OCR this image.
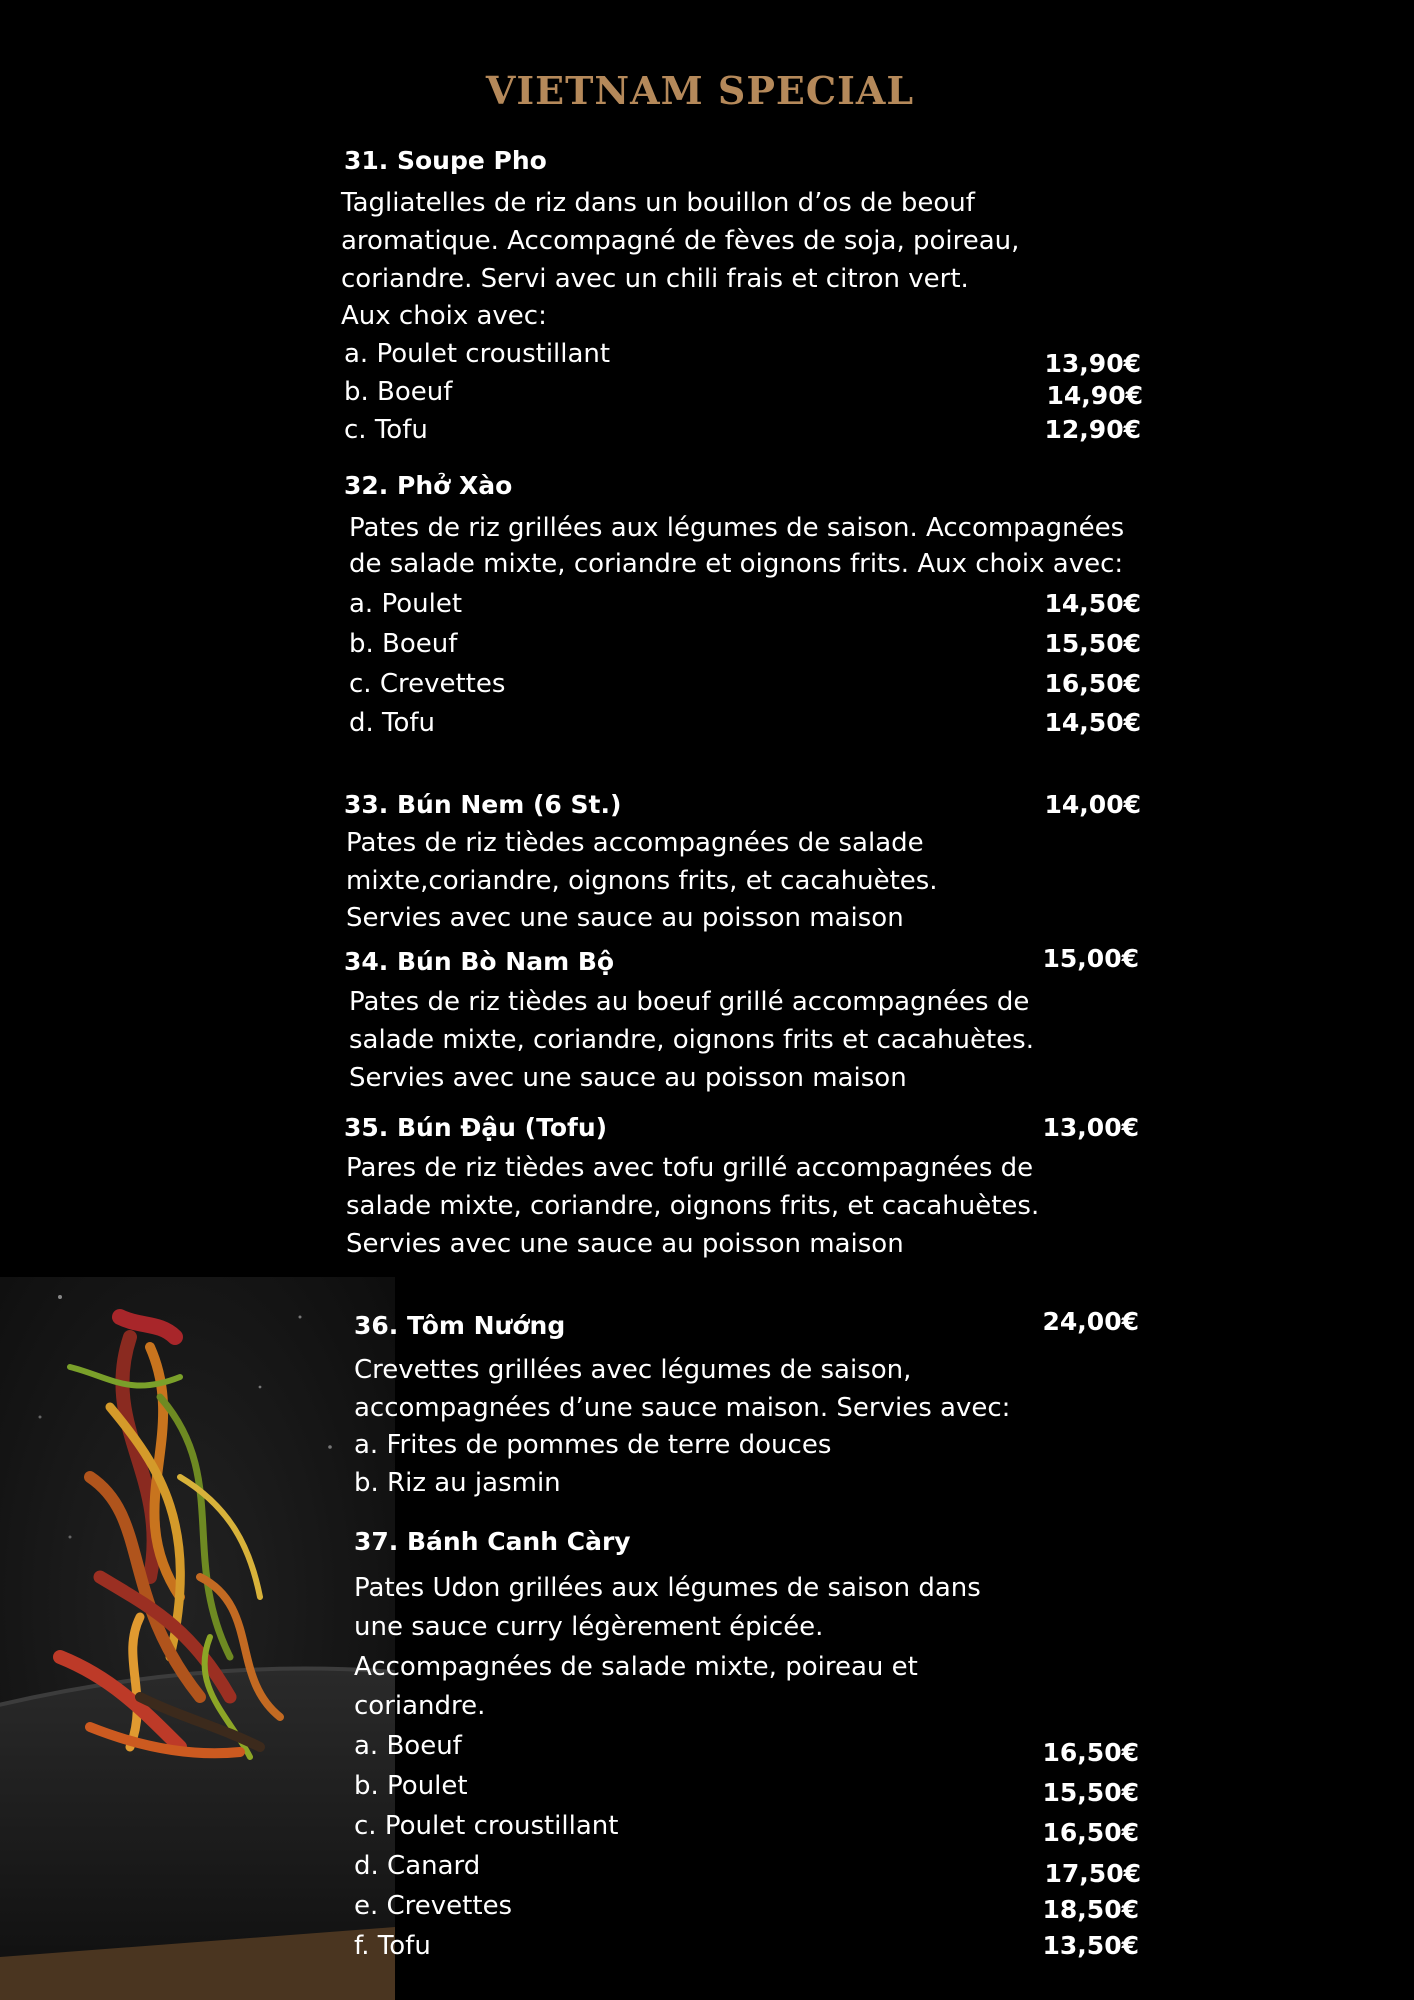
VIETNAM SPECIAL
31. Soupe Pho
Tagliatelles de riz dans un bouillon d’os de beouf
aromatique. Accompagné de fèves de soja, poireau,
coriandre. Servi avec un chili frais et citron vert.
Aux choix avec:
a. Poulet croustillant	13,90€
b. Boeuf	14,90€
c. Tofu	12,90€
32. Phở Xào
Pates de riz grillées aux légumes de saison. Accompagnées
de salade mixte, coriandre et oignons frits. Aux choix avec:
a. Poulet	14,50€
b. Boeuf	15,50€
c. Crevettes	16,50€
d. Tofu	14,50€
33. Bún Nem (6 St.)	14,00€
Pates de riz tièdes accompagnées de salade
mixte,coriandre, oignons frits, et cacahuètes.
Servies avec une sauce au poisson maison
34. Bún Bò Nam Bộ	15,00€
Pates de riz tièdes au boeuf grillé accompagnées de
salade mixte, coriandre, oignons frits et cacahuètes.
Servies avec une sauce au poisson maison
35. Bún Đậu (Tofu)	13,00€
Pares de riz tièdes avec tofu grillé accompagnées de
salade mixte, coriandre, oignons frits, et cacahuètes.
Servies avec une sauce au poisson maison
36. Tôm Nướng	24,00€
Crevettes grillées avec légumes de saison,
accompagnées d’une sauce maison. Servies avec:
a. Frites de pommes de terre douces
b. Riz au jasmin
37. Bánh Canh Càry
Pates Udon grillées aux légumes de saison dans
une sauce curry légèrement épicée.
Accompagnées de salade mixte, poireau et
coriandre.
a. Boeuf	16,50€
b. Poulet	15,50€
c. Poulet croustillant	16,50€
d. Canard	17,50€
e. Crevettes	18,50€
f. Tofu	13,50€
